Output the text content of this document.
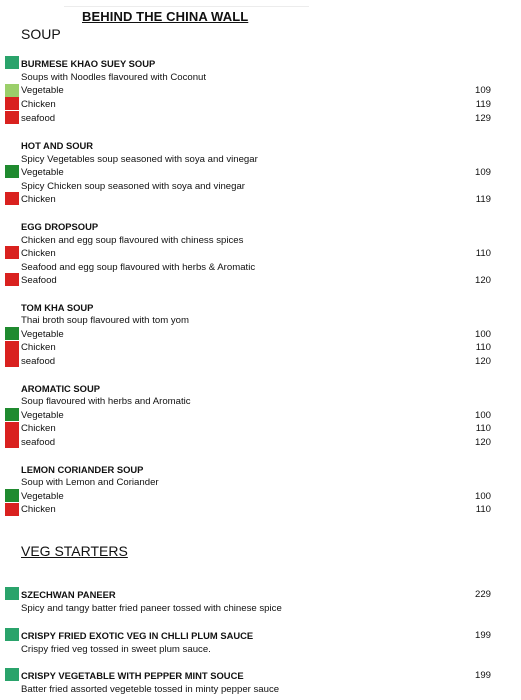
BEHIND THE CHINA WALL
SOUP
BURMESE KHAO SUEY SOUP
Soups with Noodles flavoured with Coconut
Vegetable	109
Chicken	119
seafood	129
HOT AND SOUR
Spicy Vegetables soup seasoned with soya and vinegar
Vegetable	109
Spicy Chicken soup seasoned with soya and vinegar
Chicken	119
EGG DROPSOUP
Chicken and egg soup flavoured with chiness spices
Chicken	110
Seafood and egg soup flavoured with herbs & Aromatic
Seafood	120
TOM KHA SOUP
Thai broth soup flavoured with tom yom
Vegetable	100
Chicken	110
seafood	120
AROMATIC SOUP
Soup flavoured with herbs and Aromatic
Vegetable	100
Chicken	110
seafood	120
LEMON CORIANDER SOUP
Soup with Lemon and Coriander
Vegetable	100
Chicken	110
VEG STARTERS
SZECHWAN PANEER	229
Spicy and tangy batter fried paneer tossed with chinese spice
CRISPY FRIED EXOTIC VEG IN CHLLI PLUM SAUCE	199
Crispy fried veg tossed in sweet plum sauce.
CRISPY VEGETABLE WITH PEPPER MINT SOUCE	199
Batter fried assorted vegeteble tossed in minty pepper sauce
